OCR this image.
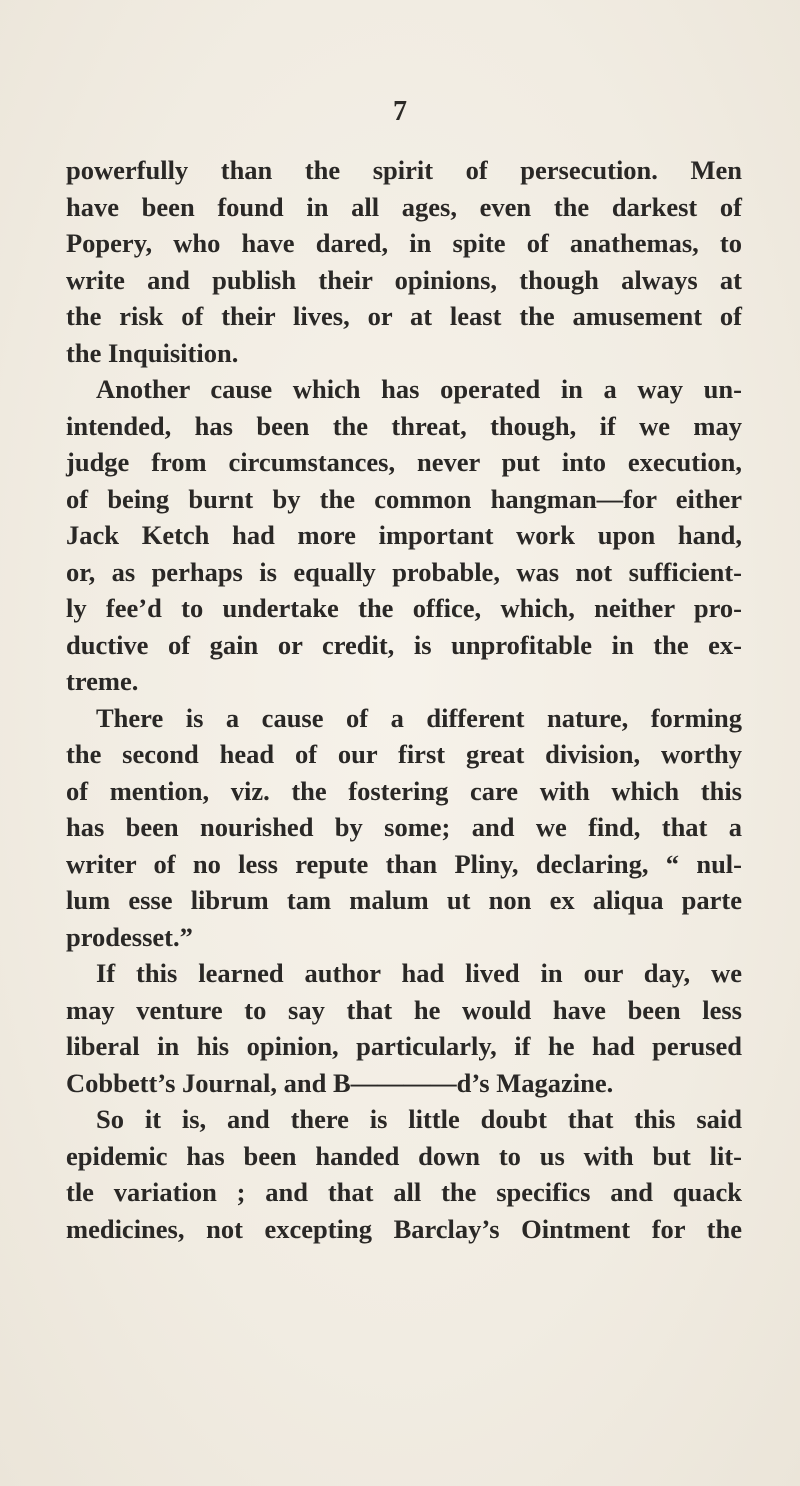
7
powerfully than the spirit of persecution. Men
have been found in all ages, even the darkest of
Popery, who have dared, in spite of anathemas, to
write and publish their opinions, though always at
the risk of their lives, or at least the amusement of
the Inquisition.
Another cause which has operated in a way un-
intended, has been the threat, though, if we may
judge from circumstances, never put into execution,
of being burnt by the common hangman—for either
Jack Ketch had more important work upon hand,
or, as perhaps is equally probable, was not sufficient-
ly fee’d to undertake the office, which, neither pro-
ductive of gain or credit, is unprofitable in the ex-
treme.
There is a cause of a different nature, forming
the second head of our first great division, worthy
of mention, viz. the fostering care with which this
has been nourished by some; and we find, that a
writer of no less repute than Pliny, declaring, “ nul-
lum esse librum tam malum ut non ex aliqua parte
prodesset.”
If this learned author had lived in our day, we
may venture to say that he would have been less
liberal in his opinion, particularly, if he had perused
Cobbett’s Journal, and B————d’s Magazine.
So it is, and there is little doubt that this said
epidemic has been handed down to us with but lit-
tle variation ; and that all the specifics and quack
medicines, not excepting Barclay’s Ointment for the
